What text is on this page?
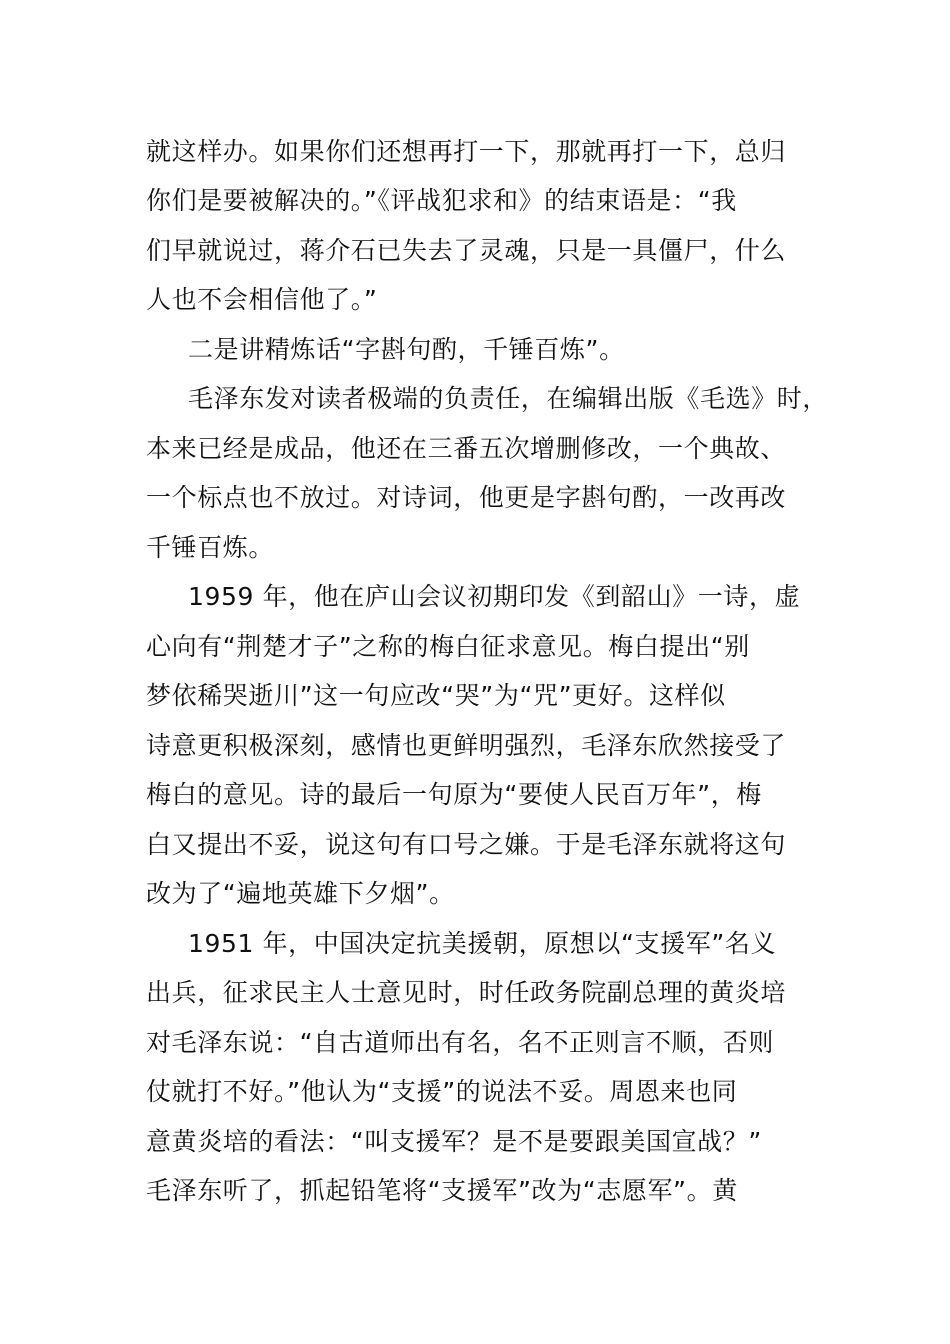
就这样办。如果你们还想再打一下，那就再打一下，总归
你们是要被解决的。”《评战犯求和》的结束语是：“我
们早就说过，蒋介石已失去了灵魂，只是一具僵尸，什么
人也不会相信他了。”
二是讲精炼话“字斟句酌，千锤百炼”。
毛泽东发对读者极端的负责任，在编辑出版《毛选》时，
本来已经是成品，他还在三番五次增删修改，一个典故、
一个标点也不放过。对诗词，他更是字斟句酌，一改再改
千锤百炼。
1959 年，他在庐山会议初期印发《到韶山》一诗，虚
心向有“荆楚才子”之称的梅白征求意见。梅白提出“别
梦依稀哭逝川”这一句应改“哭”为“咒”更好。这样似
诗意更积极深刻，感情也更鲜明强烈，毛泽东欣然接受了
梅白的意见。诗的最后一句原为“要使人民百万年”，梅
白又提出不妥，说这句有口号之嫌。于是毛泽东就将这句
改为了“遍地英雄下夕烟”。
1951 年，中国决定抗美援朝，原想以“支援军”名义
出兵，征求民主人士意见时，时任政务院副总理的黄炎培
对毛泽东说：“自古道师出有名，名不正则言不顺，否则
仗就打不好。”他认为“支援”的说法不妥。周恩来也同
意黄炎培的看法：“叫支援军？是不是要跟美国宣战？”
毛泽东听了，抓起铅笔将“支援军”改为“志愿军”。黄
